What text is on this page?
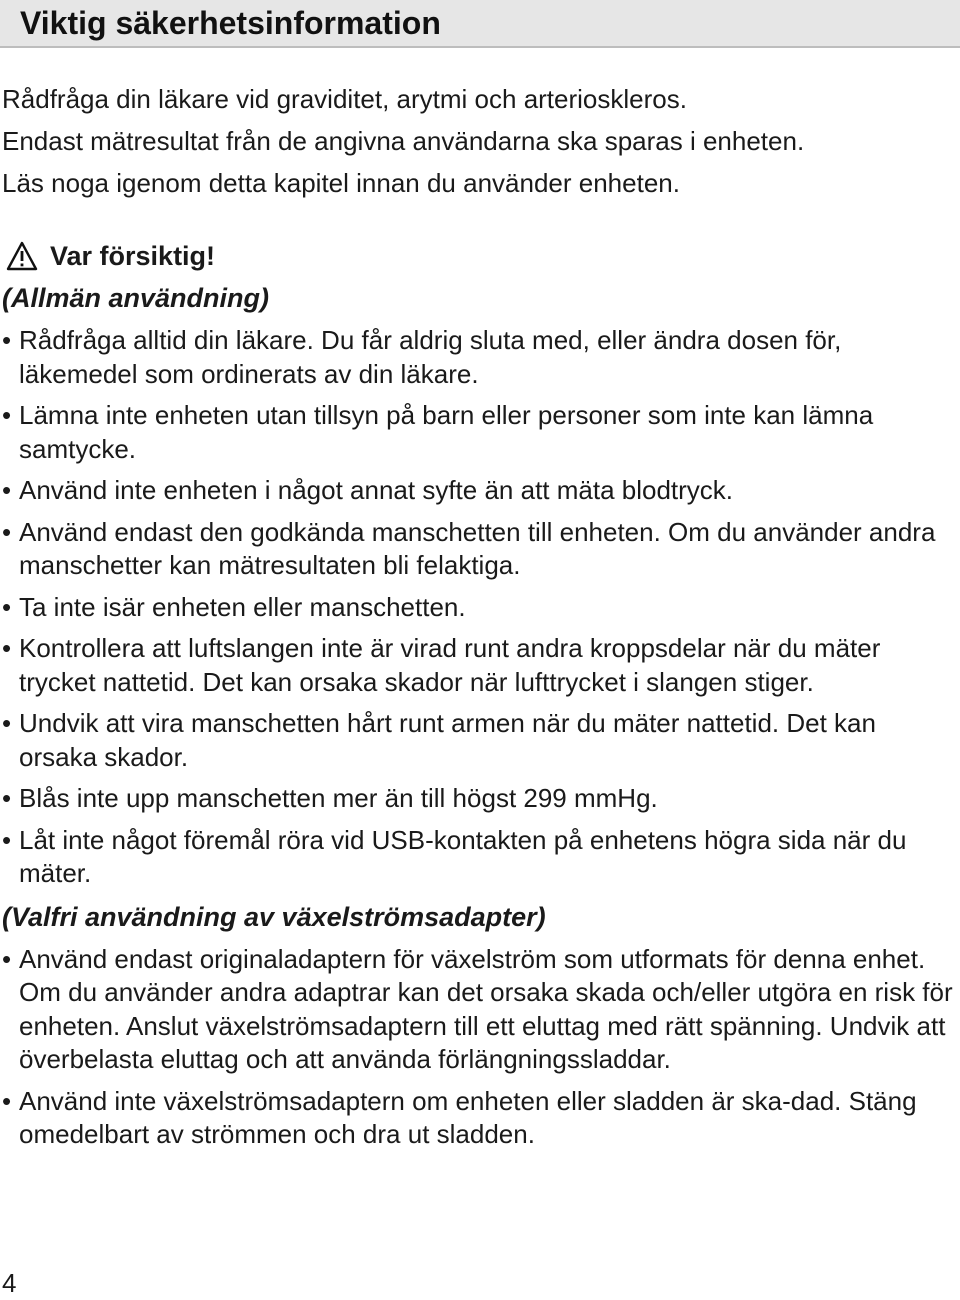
Viktig säkerhetsinformation

Rådfråga din läkare vid graviditet, arytmi och arterioskleros.

Endast mätresultat från de angivna användarna ska sparas i enheten.

Läs noga igenom detta kapitel innan du använder enheten.

Var försiktig!
(Allmän användning)
• Rådfråga alltid din läkare. Du får aldrig sluta med, eller ändra dosen för, läkemedel som ordinerats av din läkare.
• Lämna inte enheten utan tillsyn på barn eller personer som inte kan lämna samtycke.
• Använd inte enheten i något annat syfte än att mäta blodtryck.
• Använd endast den godkända manschetten till enheten. Om du använder andra manschetter kan mätresultaten bli felaktiga.
• Ta inte isär enheten eller manschetten.
• Kontrollera att luftslangen inte är virad runt andra kroppsdelar när du mäter trycket nattetid. Det kan orsaka skador när lufttrycket i slangen stiger.
• Undvik att vira manschetten hårt runt armen när du mäter nattetid. Det kan orsaka skador.
• Blås inte upp manschetten mer än till högst 299 mmHg.
• Låt inte något föremål röra vid USB-kontakten på enhetens högra sida när du mäter.
(Valfri användning av växelströmsadapter)
• Använd endast originaladaptern för växelström som utformats för denna enhet. Om du använder andra adaptrar kan det orsaka skada och/eller utgöra en risk för enheten. Anslut växelströmsadaptern till ett eluttag med rätt spänning. Undvik att överbelasta eluttag och att använda förlängningssladdar.
• Använd inte växelströmsadaptern om enheten eller sladden är ska-dad. Stäng omedelbart av strömmen och dra ut sladden.
4
